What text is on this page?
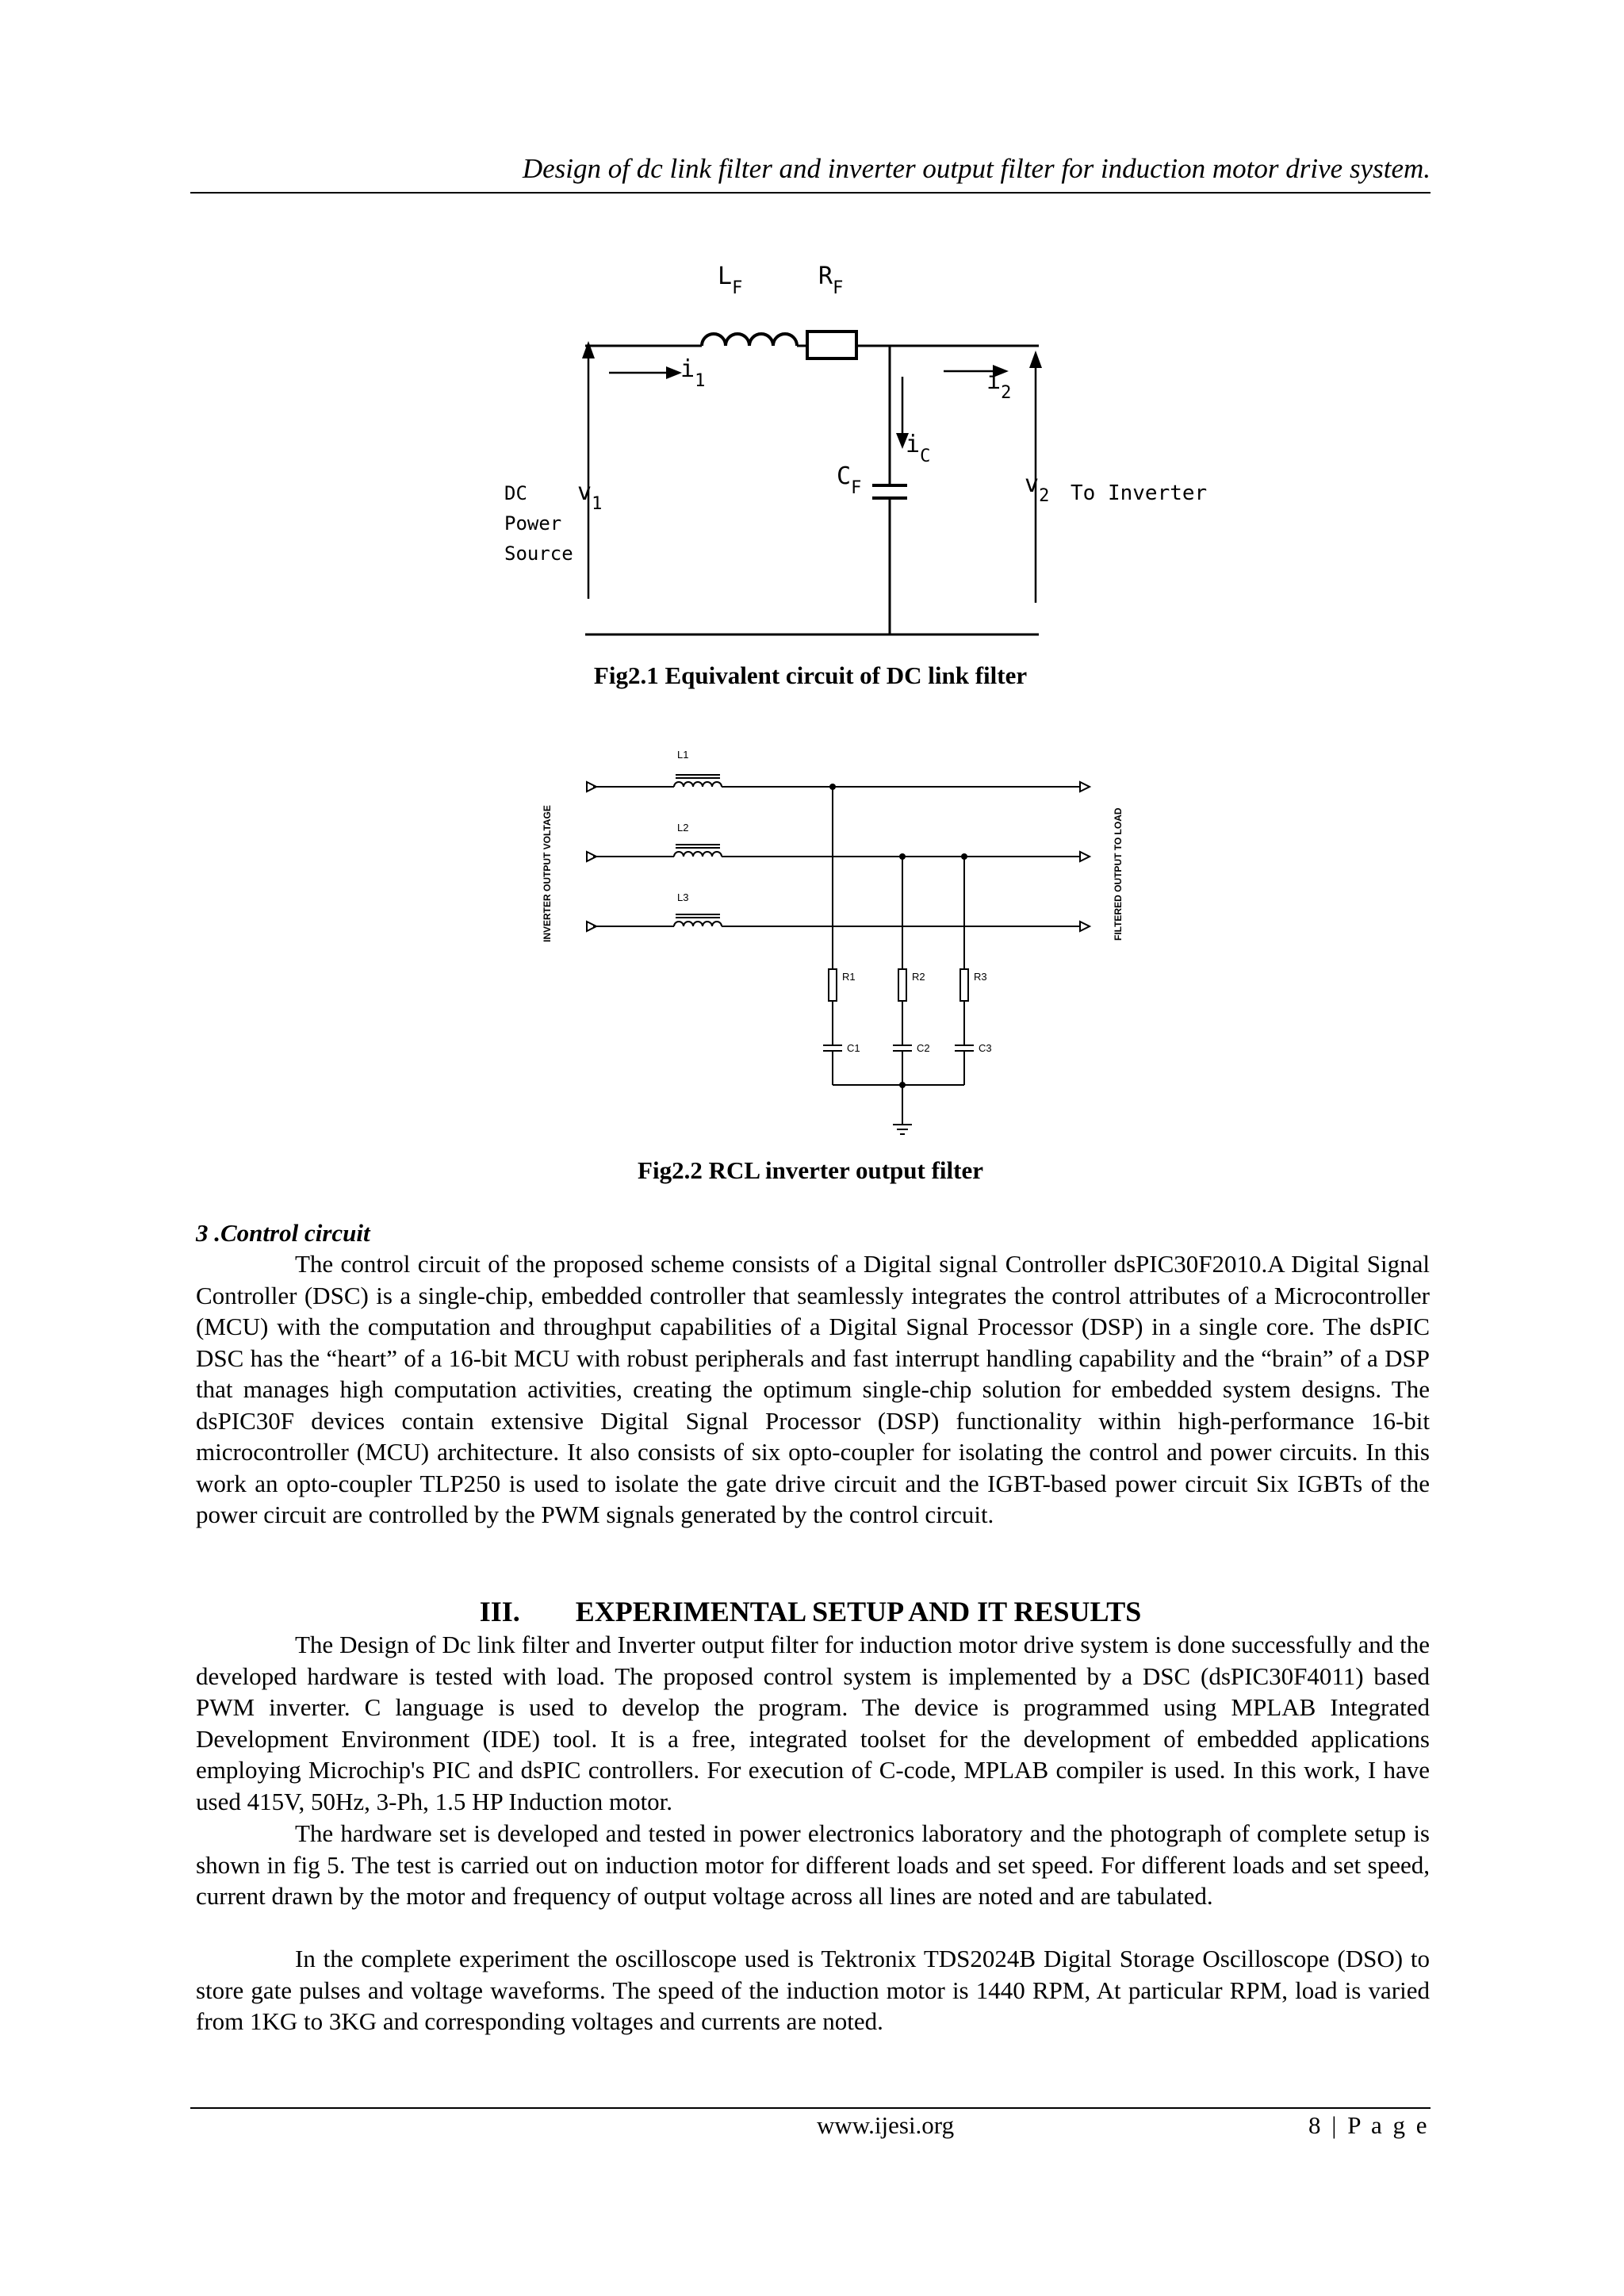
Design of dc link filter and inverter output filter for induction motor drive system.
$L_F$	$R_F$
$i_1$	$i_2$
$i_C$
$C_F$
$v_1$
$v_2$ To Inverter
DC
Power
Source
Fig2.1 Equivalent circuit of DC link filter
L1
L2
L3
R1	R2	R3
C1	C2	C3
INVERTER OUTPUT VOLTAGE	FILTERED OUTPUT TO LOAD
Fig2.2 RCL inverter output filter
3 .Control circuit

The control circuit of the proposed scheme consists of a Digital signal Controller dsPIC30F2010.A Digital Signal Controller (DSC) is a single-chip, embedded controller that seamlessly integrates the control attributes of a Microcontroller (MCU) with the computation and throughput capabilities of a Digital Signal Processor (DSP) in a single core. The dsPIC DSC has the “heart” of a 16-bit MCU with robust peripherals and fast interrupt handling capability and the “brain” of a DSP that manages high computation activities, creating the optimum single-chip solution for embedded system designs. The dsPIC30F devices contain extensive Digital Signal Processor (DSP) functionality within high-performance 16-bit microcontroller (MCU) architecture. It also consists of six opto-coupler for isolating the control and power circuits. In this work an opto-coupler TLP250 is used to isolate the gate drive circuit and the IGBT-based power circuit Six IGBTs of the power circuit are controlled by the PWM signals generated by the control circuit.

III. EXPERIMENTAL SETUP AND IT RESULTS

The Design of Dc link filter and Inverter output filter for induction motor drive system is done successfully and the developed hardware is tested with load. The proposed control system is implemented by a DSC (dsPIC30F4011) based PWM inverter. C language is used to develop the program. The device is programmed using MPLAB Integrated Development Environment (IDE) tool. It is a free, integrated toolset for the development of embedded applications employing Microchip's PIC and dsPIC controllers. For execution of C-code, MPLAB compiler is used. In this work, I have used 415V, 50Hz, 3-Ph, 1.5 HP Induction motor.

The hardware set is developed and tested in power electronics laboratory and the photograph of complete setup is shown in fig 5. The test is carried out on induction motor for different loads and set speed. For different loads and set speed, current drawn by the motor and frequency of output voltage across all lines are noted and are tabulated.

In the complete experiment the oscilloscope used is Tektronix TDS2024B Digital Storage Oscilloscope (DSO) to store gate pulses and voltage waveforms. The speed of the induction motor is 1440 RPM, At particular RPM, load is varied from 1KG to 3KG and corresponding voltages and currents are noted.

www.ijesi.org	8 | P a g e
